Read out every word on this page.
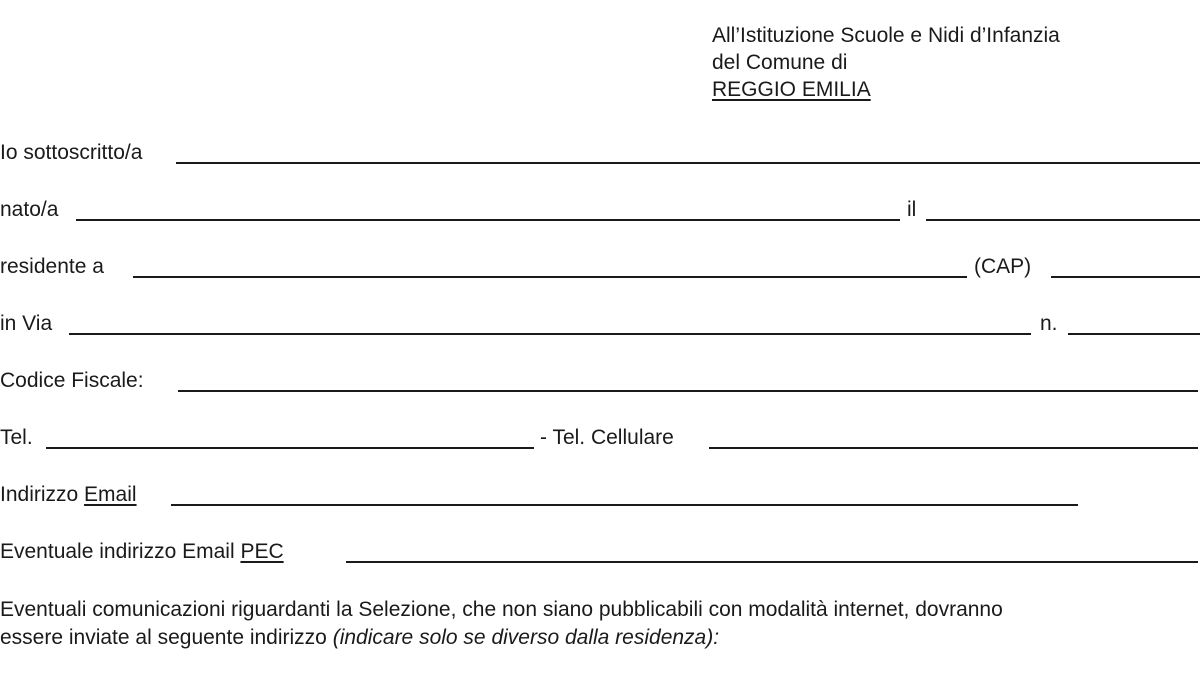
All’Istituzione Scuole e Nidi d’Infanzia
del Comune di
REGGIO EMILIA
Io sottoscritto/a
nato/a	il
residente a	(CAP)
in Via	n.
Codice Fiscale:
Tel.	- Tel. Cellulare
Indirizzo Email
Eventuale indirizzo Email PEC
Eventuali comunicazioni riguardanti la Selezione, che non siano pubblicabili con modalità internet, dovranno
essere inviate al seguente indirizzo (indicare solo se diverso dalla residenza):
